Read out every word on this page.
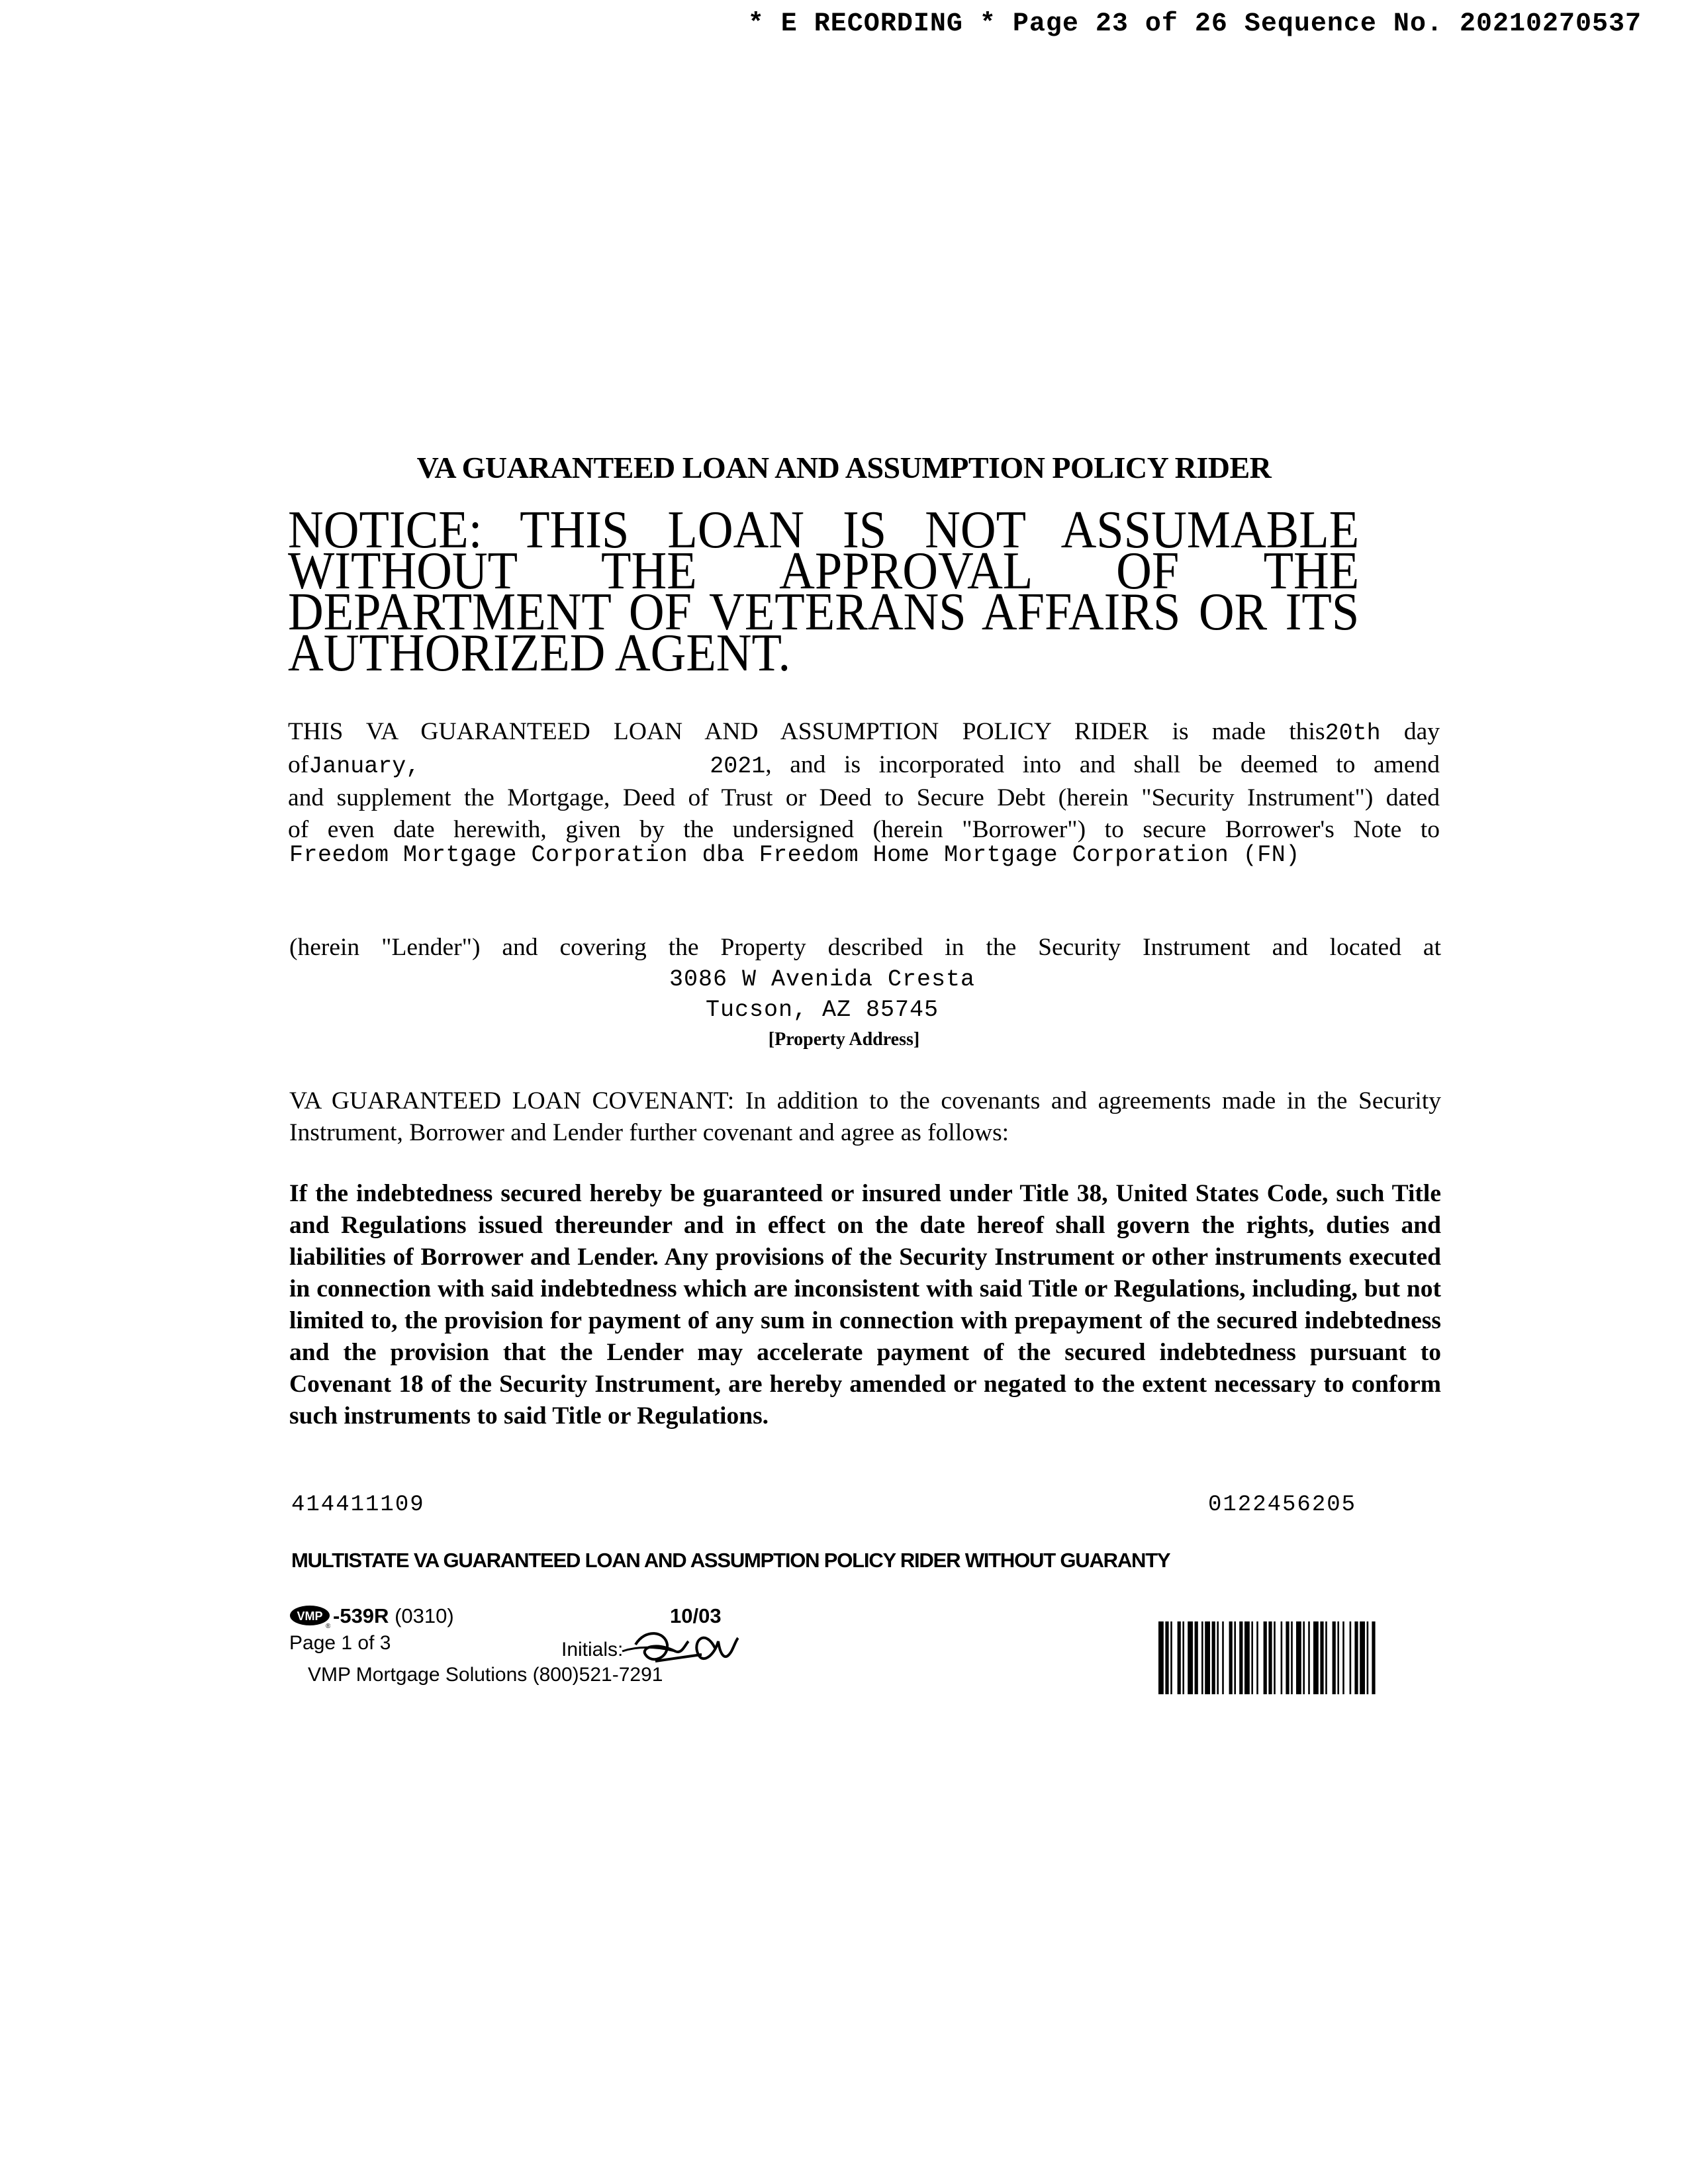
* E RECORDING * Page 23 of 26 Sequence No. 20210270537
VA GUARANTEED LOAN AND ASSUMPTION POLICY RIDER
NOTICE: THIS LOAN IS NOT ASSUMABLE WITHOUT THE APPROVAL OF THE DEPARTMENT OF VETERANS AFFAIRS OR ITS AUTHORIZED AGENT.
THIS VA GUARANTEED LOAN AND ASSUMPTION POLICY RIDER is made this20th day
ofJanuary, 2021, and is incorporated into and shall be deemed to amend
and supplement the Mortgage, Deed of Trust or Deed to Secure Debt (herein "Security Instrument") dated
of even date herewith, given by the undersigned (herein "Borrower") to secure Borrower's Note to
Freedom Mortgage Corporation dba Freedom Home Mortgage Corporation (FN)
(herein "Lender") and covering the Property described in the Security Instrument and located at
3086 W Avenida Cresta
Tucson, AZ 85745
[Property Address]
VA GUARANTEED LOAN COVENANT: In addition to the covenants and agreements made in the Security Instrument, Borrower and Lender further covenant and agree as follows:
If the indebtedness secured hereby be guaranteed or insured under Title 38, United States Code, such Title and Regulations issued thereunder and in effect on the date hereof shall govern the rights, duties and liabilities of Borrower and Lender. Any provisions of the Security Instrument or other instruments executed in connection with said indebtedness which are inconsistent with said Title or Regulations, including, but not limited to, the provision for payment of any sum in connection with prepayment of the secured indebtedness and the provision that the Lender may accelerate payment of the secured indebtedness pursuant to Covenant 18 of the Security Instrument, are hereby amended or negated to the extent necessary to conform such instruments to said Title or Regulations.
414411109	0122456205
MULTISTATE VA GUARANTEED LOAN AND ASSUMPTION POLICY RIDER WITHOUT GUARANTY
VMP
® -539R (0310)	10/03
Page 1 of 3	Initials:
VMP Mortgage Solutions (800)521-7291
